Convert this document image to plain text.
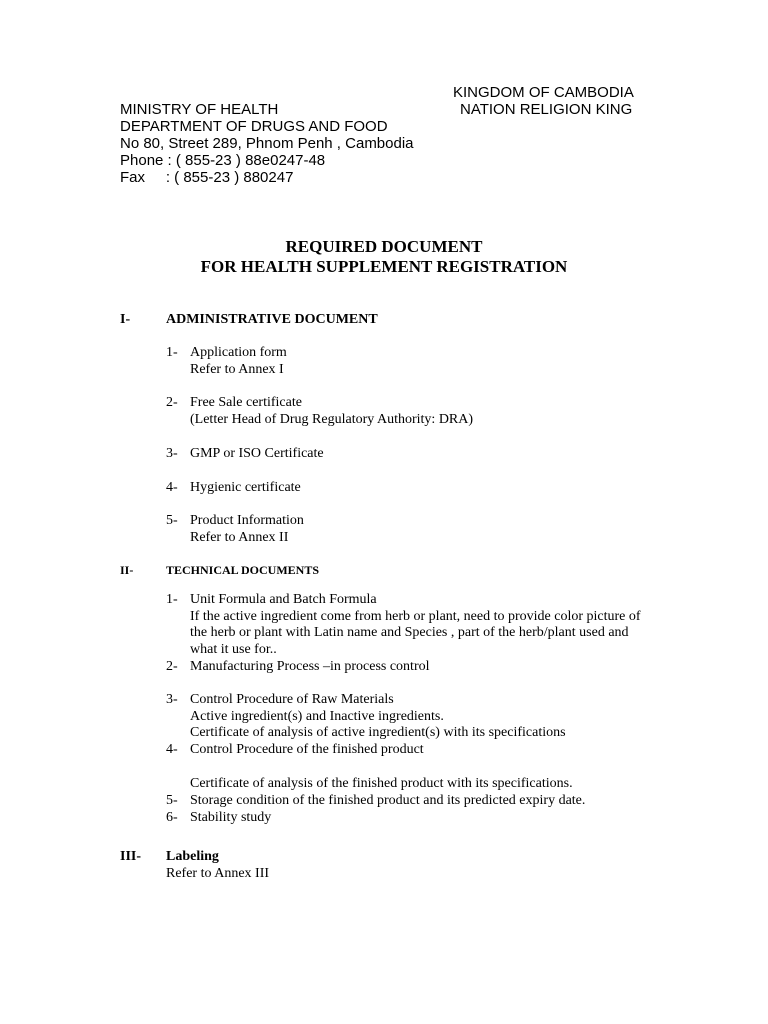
KINGDOM OF CAMBODIA
NATION RELIGION KING
MINISTRY OF HEALTH
DEPARTMENT OF DRUGS AND FOOD
No 80, Street 289, Phnom Penh , Cambodia
Phone : ( 855-23 ) 88e0247-48
Fax     : ( 855-23 ) 880247
REQUIRED DOCUMENT
FOR HEALTH SUPPLEMENT REGISTRATION
I-	ADMINISTRATIVE DOCUMENT
1- Application form
Refer to Annex I
2- Free Sale certificate
(Letter Head of Drug Regulatory Authority: DRA)
3- GMP or ISO Certificate
4- Hygienic certificate
5- Product Information
Refer to Annex II
II-	TECHNICAL DOCUMENTS
1- Unit Formula and Batch Formula
If the active ingredient come from herb or plant, need to provide color picture of
the herb or plant with Latin name and Species , part of the herb/plant used and
what it use for..
2- Manufacturing Process –in process control
3- Control Procedure of Raw Materials
Active ingredient(s) and Inactive ingredients.
Certificate of analysis of active ingredient(s) with its specifications
4- Control Procedure of the finished product
Certificate of analysis of the finished product with its specifications.
5- Storage condition of the finished product and its predicted expiry date.
6- Stability study
III- Labeling
Refer to Annex III
